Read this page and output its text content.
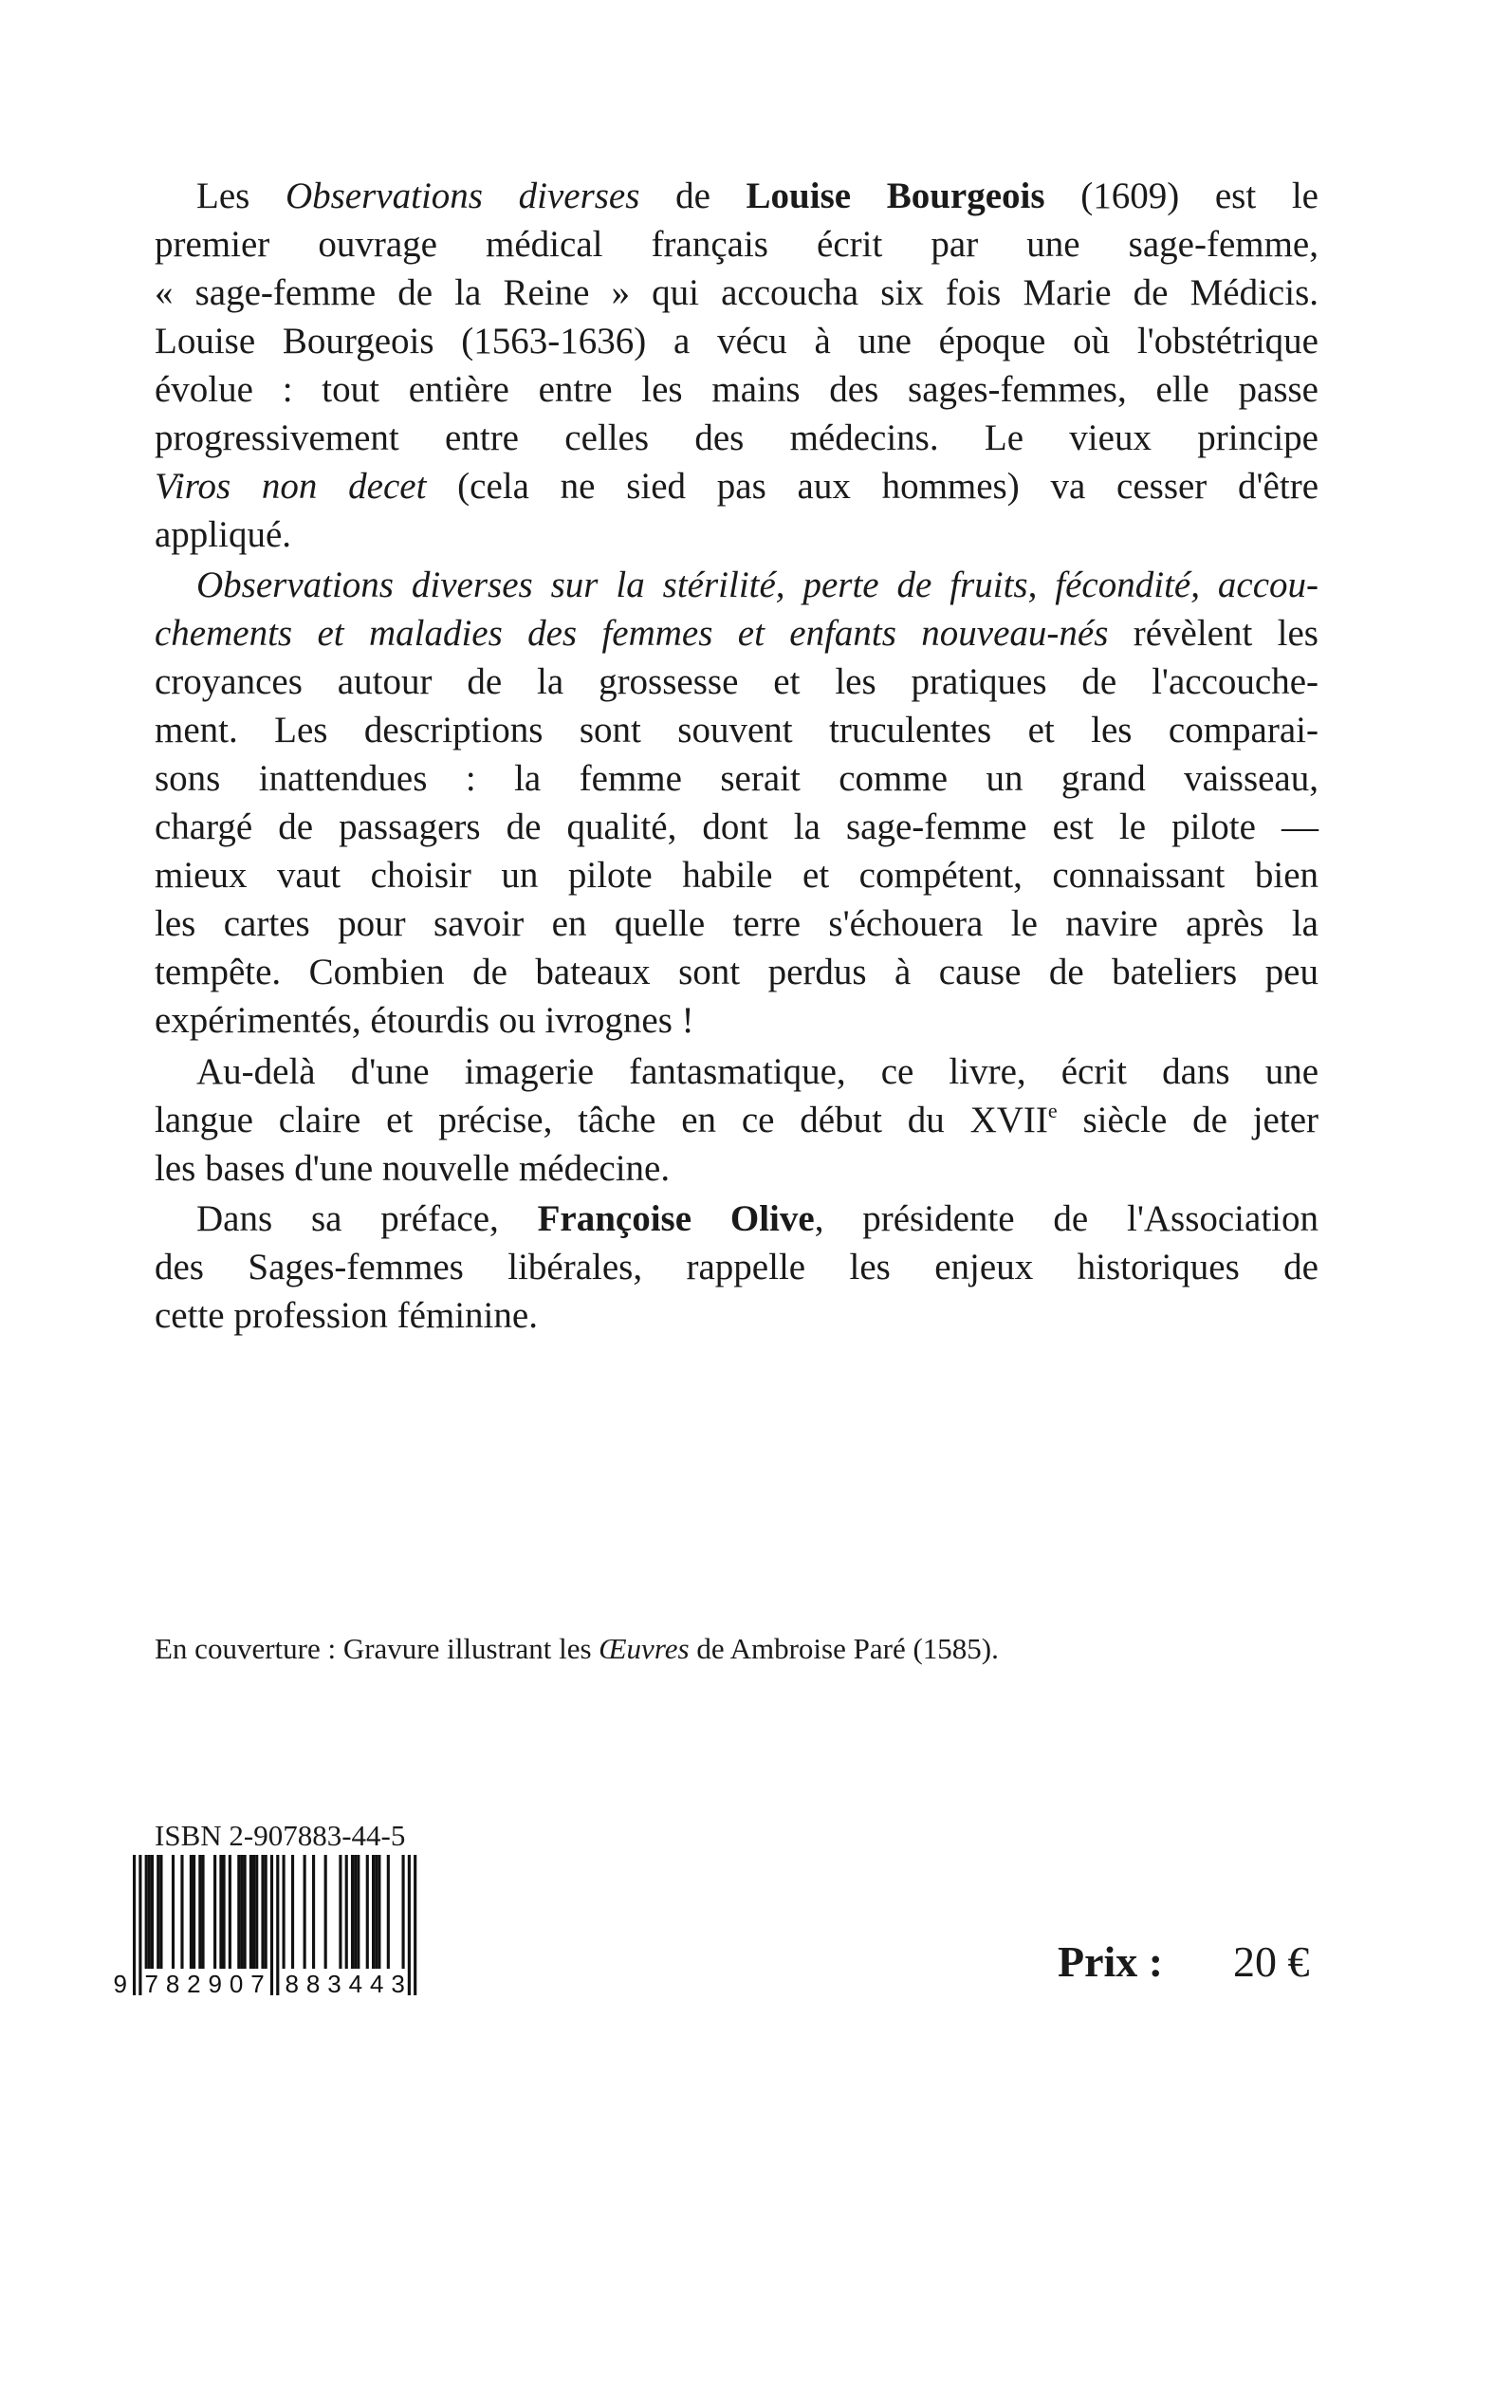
Les Observations diverses de Louise Bourgeois (1609) est le
premier ouvrage médical français écrit par une sage-femme,
« sage-femme de la Reine » qui accoucha six fois Marie de Médicis.
Louise Bourgeois (1563-1636) a vécu à une époque où l'obstétrique
évolue : tout entière entre les mains des sages-femmes, elle passe
progressivement entre celles des médecins. Le vieux principe
Viros non decet (cela ne sied pas aux hommes) va cesser d'être
appliqué.
Observations diverses sur la stérilité, perte de fruits, fécondité, accou-
chements et maladies des femmes et enfants nouveau-nés révèlent les
croyances autour de la grossesse et les pratiques de l'accouche-
ment. Les descriptions sont souvent truculentes et les comparai-
sons inattendues : la femme serait comme un grand vaisseau,
chargé de passagers de qualité, dont la sage-femme est le pilote —
mieux vaut choisir un pilote habile et compétent, connaissant bien
les cartes pour savoir en quelle terre s'échouera le navire après la
tempête. Combien de bateaux sont perdus à cause de bateliers peu
expérimentés, étourdis ou ivrognes !
Au-delà d'une imagerie fantasmatique, ce livre, écrit dans une
langue claire et précise, tâche en ce début du XVIIe siècle de jeter
les bases d'une nouvelle médecine.
Dans sa préface, Françoise Olive, présidente de l'Association
des Sages-femmes libérales, rappelle les enjeux historiques de
cette profession féminine.
En couverture : Gravure illustrant les Œuvres de Ambroise Paré (1585).
ISBN 2-907883-44-5
9 782907 883443	Prix : 20 €
